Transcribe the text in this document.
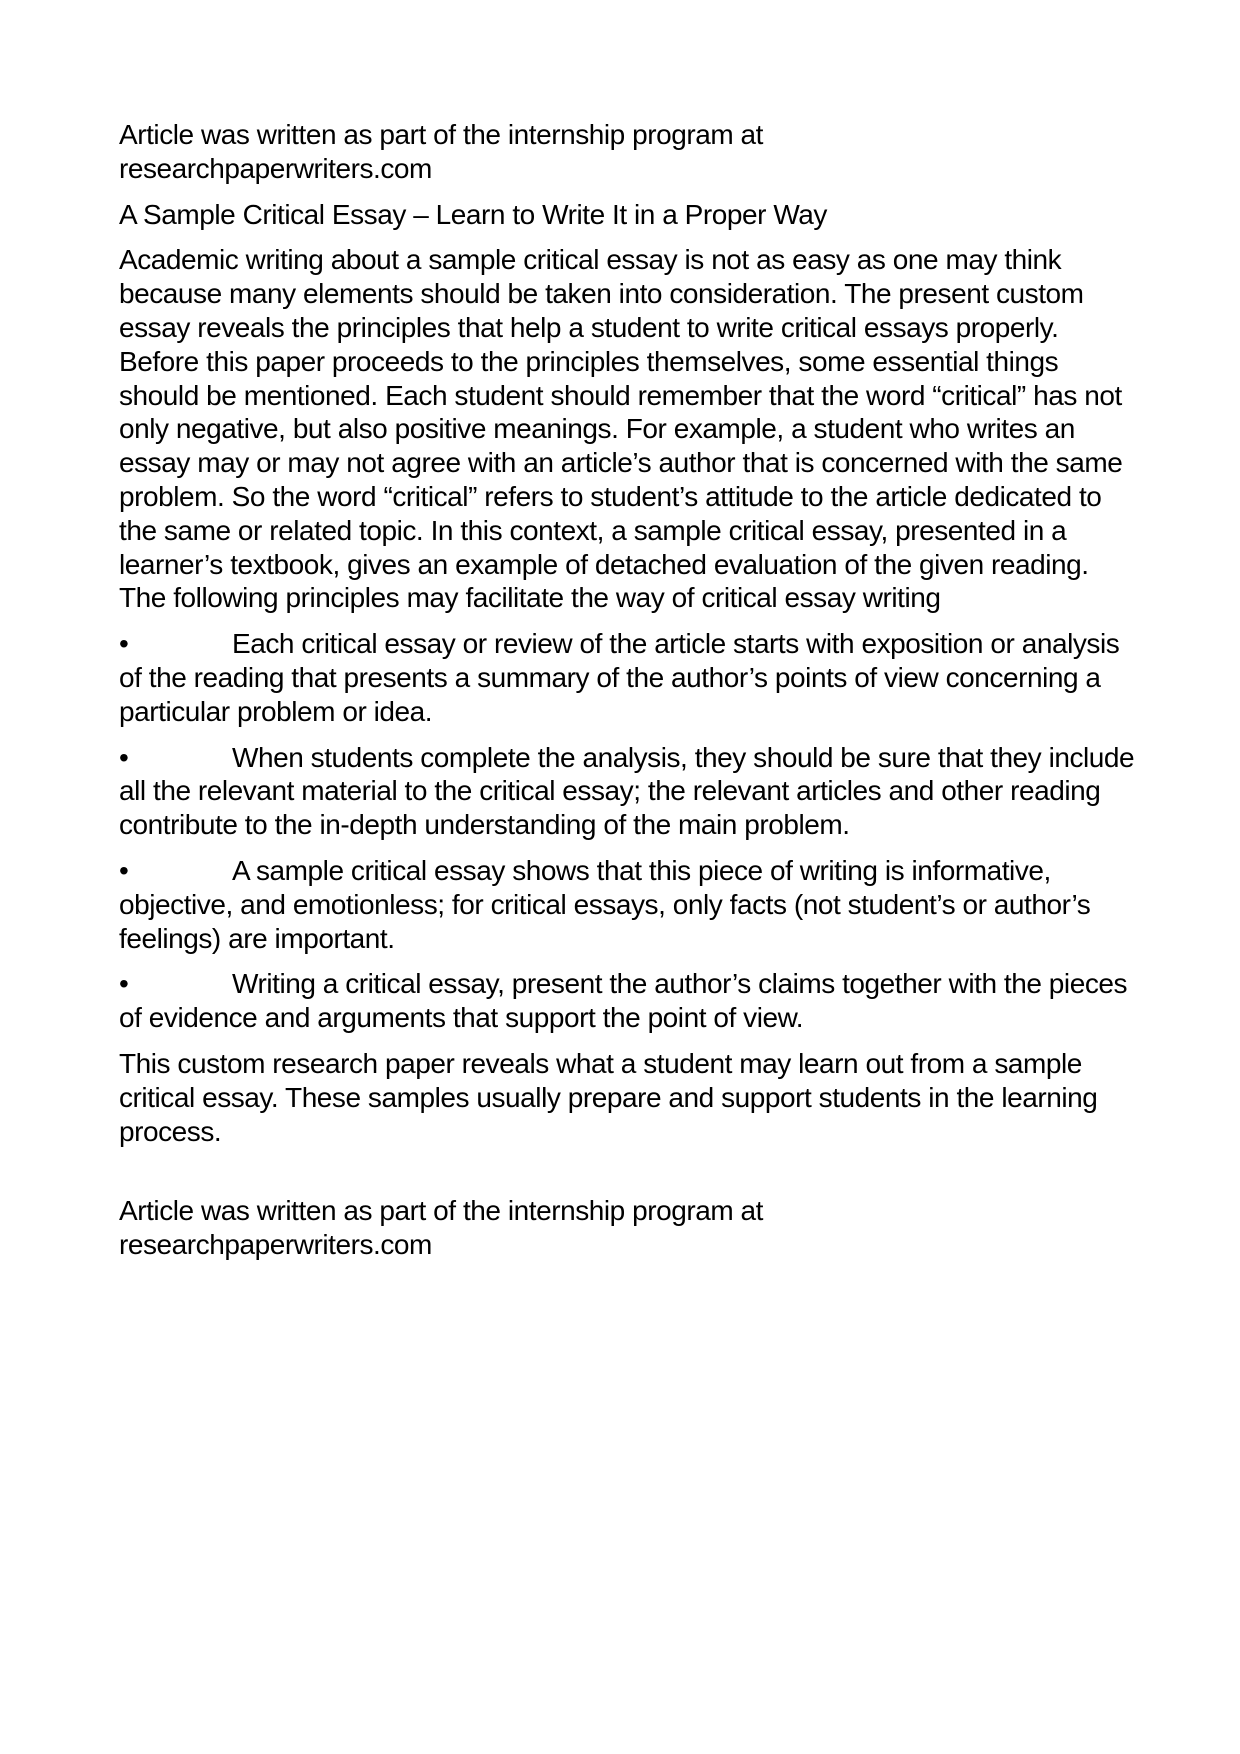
Article was written as part of the internship program at
researchpaperwriters.com

A Sample Critical Essay – Learn to Write It in a Proper Way

Academic writing about a sample critical essay is not as easy as one may think because many elements should be taken into consideration. The present custom essay reveals the principles that help a student to write critical essays properly. Before this paper proceeds to the principles themselves, some essential things should be mentioned. Each student should remember that the word “critical” has not only negative, but also positive meanings. For example, a student who writes an essay may or may not agree with an article’s author that is concerned with the same problem. So the word “critical” refers to student’s attitude to the article dedicated to the same or related topic. In this context, a sample critical essay, presented in a learner’s textbook, gives an example of detached evaluation of the given reading. The following principles may facilitate the way of critical essay writing

•	Each critical essay or review of the article starts with exposition or analysis of the reading that presents a summary of the author’s points of view concerning a particular problem or idea.
•	When students complete the analysis, they should be sure that they include all the relevant material to the critical essay; the relevant articles and other reading contribute to the in-depth understanding of the main problem.
•	A sample critical essay shows that this piece of writing is informative, objective, and emotionless; for critical essays, only facts (not student’s or author’s feelings) are important.
•	Writing a critical essay, present the author’s claims together with the pieces of evidence and arguments that support the point of view.

This custom research paper reveals what a student may learn out from a sample critical essay. These samples usually prepare and support students in the learning process.

Article was written as part of the internship program at
researchpaperwriters.com
